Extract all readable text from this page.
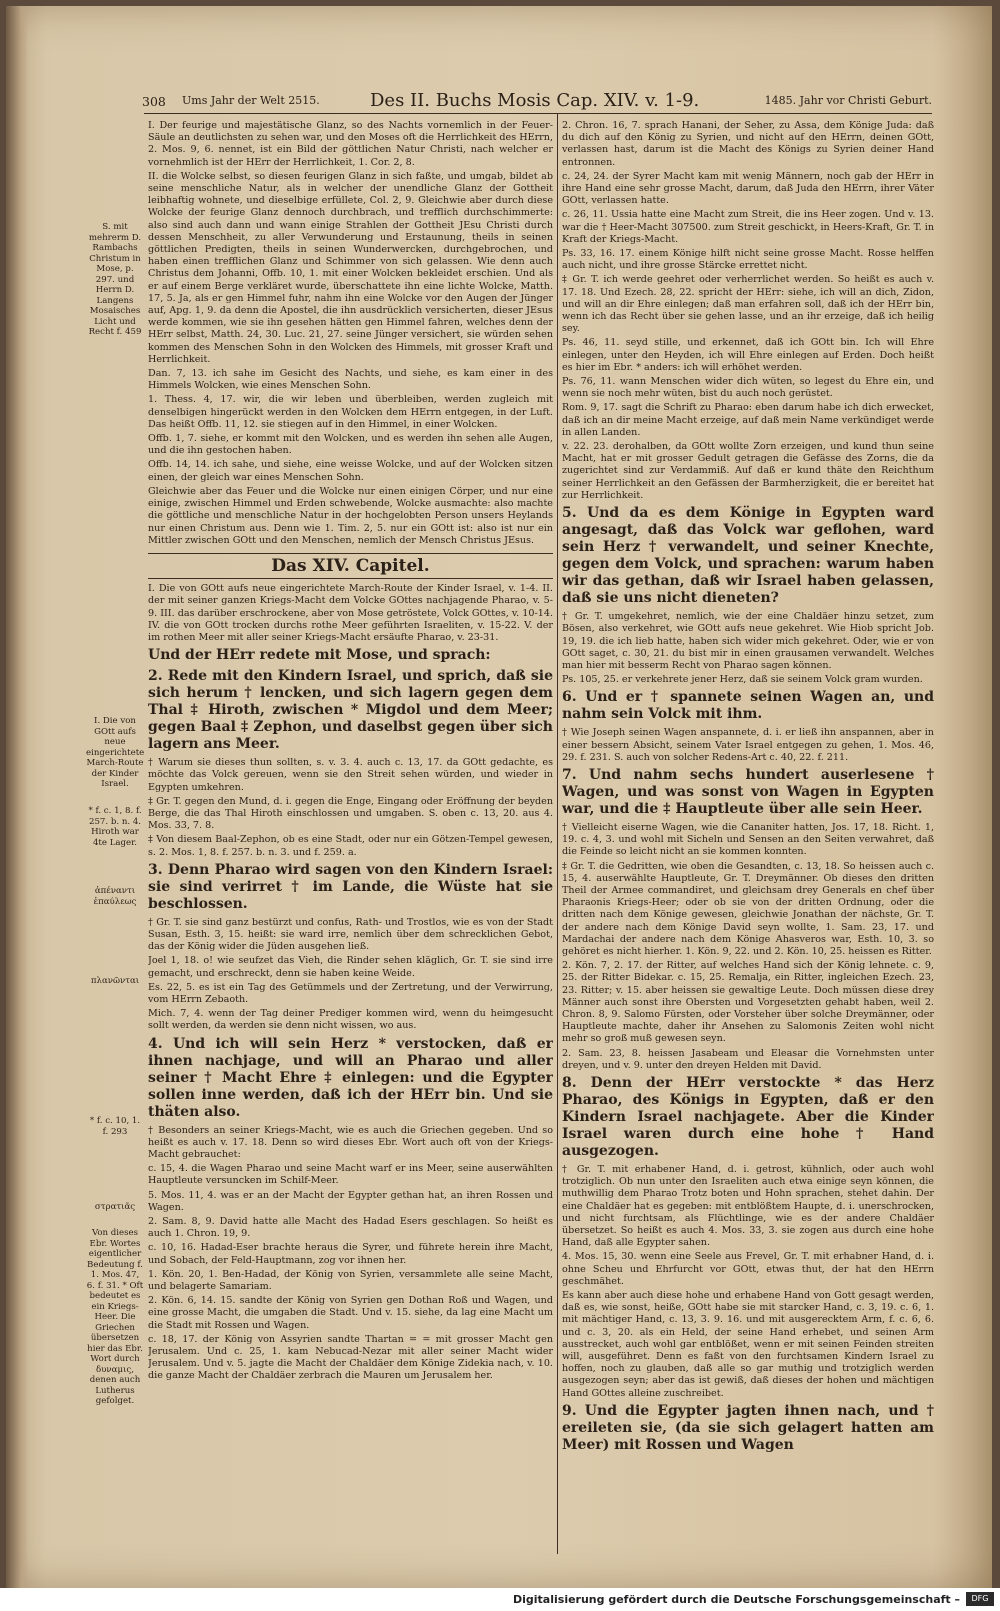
308 Ums Jahr der Welt 2515.	Des II. Buchs Mosis Cap. XIV. v. 1-9.	1485. Jahr vor Christi Geburt.
S. mit mehrerm D. Rambachs Christum in Mose, p. 297. und Herrn D. Langens Mosaisches Licht und Recht f. 459
I. Die von GOtt aufs neue eingerichtete March-Route der Kinder Israel.
* f. c. 1, 8. f. 257. b. n. 4. Hiroth war 4te Lager.
ἀπέναντι ἐπαύλεως
πλανῶνται
* f. c. 10, 1. f. 293
στρατιᾶς
Von dieses Ebr. Wortes eigentlicher Bedeutung f. 1. Mos. 47, 6. f. 31. * Oft bedeutet es ein Kriegs-Heer. Die Griechen übersetzen hier das Ebr. Wort durch δυναμις, denen auch Lutherus gefolget.

I. Der feurige und majestätische Glanz, so des Nachts vornemlich in der Feuer-Säule an deutlichsten zu sehen war, und den Moses oft die Herrlichkeit des HErrn, 2. Mos. 9, 6. nennet, ist ein Bild der göttlichen Natur Christi, nach welcher er vornehmlich ist der HErr der Herrlichkeit, 1. Cor. 2, 8.

II. die Wolcke selbst, so diesen feurigen Glanz in sich faßte, und umgab, bildet ab seine menschliche Natur, als in welcher der unendliche Glanz der Gottheit leibhaftig wohnete, und dieselbige erfüllete, Col. 2, 9. Gleichwie aber durch diese Wolcke der feurige Glanz dennoch durchbrach, und trefflich durchschimmerte: also sind auch dann und wann einige Strahlen der Gottheit JEsu Christi durch dessen Menschheit, zu aller Verwunderung und Erstaunung, theils in seinen göttlichen Predigten, theils in seinen Wunderwercken, durchgebrochen, und haben einen trefflichen Glanz und Schimmer von sich gelassen. Wie denn auch Christus dem Johanni, Offb. 10, 1. mit einer Wolcken bekleidet erschien. Und als er auf einem Berge verkläret wurde, überschattete ihn eine lichte Wolcke, Matth. 17, 5. Ja, als er gen Himmel fuhr, nahm ihn eine Wolcke vor den Augen der Jünger auf, Apg. 1, 9. da denn die Apostel, die ihn ausdrücklich versicherten, dieser JEsus werde kommen, wie sie ihn gesehen hätten gen Himmel fahren, welches denn der HErr selbst, Matth. 24, 30. Luc. 21, 27. seine Jünger versichert, sie würden sehen kommen des Menschen Sohn in den Wolcken des Himmels, mit grosser Kraft und Herrlichkeit.

Dan. 7, 13. ich sahe im Gesicht des Nachts, und siehe, es kam einer in des Himmels Wolcken, wie eines Menschen Sohn.

1. Thess. 4, 17. wir, die wir leben und überbleiben, werden zugleich mit denselbigen hingerückt werden in den Wolcken dem HErrn entgegen, in der Luft. Das heißt Offb. 11, 12. sie stiegen auf in den Himmel, in einer Wolcken.

Offb. 1, 7. siehe, er kommt mit den Wolcken, und es werden ihn sehen alle Augen, und die ihn gestochen haben.

Offb. 14, 14. ich sahe, und siehe, eine weisse Wolcke, und auf der Wolcken sitzen einen, der gleich war eines Menschen Sohn.

Gleichwie aber das Feuer und die Wolcke nur einen einigen Cörper, und nur eine einige, zwischen Himmel und Erden schwebende, Wolcke ausmachte: also machte die göttliche und menschliche Natur in der hochgelobten Person unsers Heylands nur einen Christum aus. Denn wie 1. Tim. 2, 5. nur ein GOtt ist: also ist nur ein Mittler zwischen GOtt und den Menschen, nemlich der Mensch Christus JEsus.

Das XIV. Capitel.

I. Die von GOtt aufs neue eingerichtete March-Route der Kinder Israel, v. 1-4. II. der mit seiner ganzen Kriegs-Macht dem Volcke GOttes nachjagende Pharao, v. 5-9. III. das darüber erschrockene, aber von Mose getröstete, Volck GOttes, v. 10-14. IV. die von GOtt trocken durchs rothe Meer geführten Israeliten, v. 15-22. V. der im rothen Meer mit aller seiner Kriegs-Macht ersäufte Pharao, v. 23-31.

Und der HErr redete mit Mose, und sprach:

2. Rede mit den Kindern Israel, und sprich, daß sie sich herum † lencken, und sich lagern gegen dem Thal ‡ Hiroth, zwischen * Migdol und dem Meer; gegen Baal ‡ Zephon, und daselbst gegen über sich lagern ans Meer.

† Warum sie dieses thun sollten, s. v. 3. 4. auch c. 13, 17. da GOtt gedachte, es möchte das Volck gereuen, wenn sie den Streit sehen würden, und wieder in Egypten umkehren.

‡ Gr. T. gegen den Mund, d. i. gegen die Enge, Eingang oder Eröffnung der beyden Berge, die das Thal Hiroth einschlossen und umgaben. S. oben c. 13, 20. aus 4. Mos. 33, 7. 8.

‡ Von diesem Baal-Zephon, ob es eine Stadt, oder nur ein Götzen-Tempel gewesen, s. 2. Mos. 1, 8. f. 257. b. n. 3. und f. 259. a.

3. Denn Pharao wird sagen von den Kindern Israel: sie sind verirret † im Lande, die Wüste hat sie beschlossen.

† Gr. T. sie sind ganz bestürzt und confus, Rath- und Trostlos, wie es von der Stadt Susan, Esth. 3, 15. heißt: sie ward irre, nemlich über dem schrecklichen Gebot, das der König wider die Jüden ausgehen ließ.

Joel 1, 18. o! wie seufzet das Vieh, die Rinder sehen kläglich, Gr. T. sie sind irre gemacht, und erschreckt, denn sie haben keine Weide.

Es. 22, 5. es ist ein Tag des Getümmels und der Zertretung, und der Verwirrung, vom HErrn Zebaoth.

Mich. 7, 4. wenn der Tag deiner Prediger kommen wird, wenn du heimgesucht sollt werden, da werden sie denn nicht wissen, wo aus.

4. Und ich will sein Herz * verstocken, daß er ihnen nachjage, und will an Pharao und aller seiner † Macht Ehre ‡ einlegen: und die Egypter sollen inne werden, daß ich der HErr bin. Und sie thäten also.

† Besonders an seiner Kriegs-Macht, wie es auch die Griechen gegeben. Und so heißt es auch v. 17. 18. Denn so wird dieses Ebr. Wort auch oft von der Kriegs-Macht gebrauchet:

c. 15, 4. die Wagen Pharao und seine Macht warf er ins Meer, seine auserwählten Hauptleute versuncken im Schilf-Meer.

5. Mos. 11, 4. was er an der Macht der Egypter gethan hat, an ihren Rossen und Wagen.

2. Sam. 8, 9. David hatte alle Macht des Hadad Esers geschlagen. So heißt es auch 1. Chron. 19, 9.

c. 10, 16. Hadad-Eser brachte heraus die Syrer, und führete herein ihre Macht, und Sobach, der Feld-Hauptmann, zog vor ihnen her.

1. Kön. 20, 1. Ben-Hadad, der König von Syrien, versammlete alle seine Macht, und belagerte Samariam.

2. Kön. 6, 14. 15. sandte der König von Syrien gen Dothan Roß und Wagen, und eine grosse Macht, die umgaben die Stadt. Und v. 15. siehe, da lag eine Macht um die Stadt mit Rossen und Wagen.

c. 18, 17. der König von Assyrien sandte Thartan = = mit grosser Macht gen Jerusalem. Und c. 25, 1. kam Nebucad-Nezar mit aller seiner Macht wider Jerusalem. Und v. 5. jagte die Macht der Chaldäer dem Könige Zidekia nach, v. 10. die ganze Macht der Chaldäer zerbrach die Mauren um Jerusalem her.

2. Chron. 16, 7. sprach Hanani, der Seher, zu Assa, dem Könige Juda: daß du dich auf den König zu Syrien, und nicht auf den HErrn, deinen GOtt, verlassen hast, darum ist die Macht des Königs zu Syrien deiner Hand entronnen.

c. 24, 24. der Syrer Macht kam mit wenig Männern, noch gab der HErr in ihre Hand eine sehr grosse Macht, darum, daß Juda den HErrn, ihrer Väter GOtt, verlassen hatte.

c. 26, 11. Ussia hatte eine Macht zum Streit, die ins Heer zogen. Und v. 13. war die † Heer-Macht 307500. zum Streit geschickt, in Heers-Kraft, Gr. T. in Kraft der Kriegs-Macht.

Ps. 33, 16. 17. einem Könige hilft nicht seine grosse Macht. Rosse helffen auch nicht, und ihre grosse Stärcke errettet nicht.

‡ Gr. T. ich werde geehret oder verherrlichet werden. So heißt es auch v. 17. 18. Und Ezech. 28, 22. spricht der HErr: siehe, ich will an dich, Zidon, und will an dir Ehre einlegen; daß man erfahren soll, daß ich der HErr bin, wenn ich das Recht über sie gehen lasse, und an ihr erzeige, daß ich heilig sey.

Ps. 46, 11. seyd stille, und erkennet, daß ich GOtt bin. Ich will Ehre einlegen, unter den Heyden, ich will Ehre einlegen auf Erden. Doch heißt es hier im Ebr. * anders: ich will erhöhet werden.

Ps. 76, 11. wann Menschen wider dich wüten, so legest du Ehre ein, und wenn sie noch mehr wüten, bist du auch noch gerüstet.

Rom. 9, 17. sagt die Schrift zu Pharao: eben darum habe ich dich erwecket, daß ich an dir meine Macht erzeige, auf daß mein Name verkündiget werde in allen Landen.

v. 22. 23. derohalben, da GOtt wollte Zorn erzeigen, und kund thun seine Macht, hat er mit grosser Gedult getragen die Gefässe des Zorns, die da zugerichtet sind zur Verdammiß. Auf daß er kund thäte den Reichthum seiner Herrlichkeit an den Gefässen der Barmherzigkeit, die er bereitet hat zur Herrlichkeit.

5. Und da es dem Könige in Egypten ward angesagt, daß das Volck war geflohen, ward sein Herz † verwandelt, und seiner Knechte, gegen dem Volck, und sprachen: warum haben wir das gethan, daß wir Israel haben gelassen, daß sie uns nicht dieneten?

† Gr. T. umgekehret, nemlich, wie der eine Chaldäer hinzu setzet, zum Bösen, also verkehret, wie GOtt aufs neue gekehret. Wie Hiob spricht Job. 19, 19. die ich lieb hatte, haben sich wider mich gekehret. Oder, wie er von GOtt saget, c. 30, 21. du bist mir in einen grausamen verwandelt. Welches man hier mit besserm Recht von Pharao sagen können.

Ps. 105, 25. er verkehrete jener Herz, daß sie seinem Volck gram wurden.

6. Und er † spannete seinen Wagen an, und nahm sein Volck mit ihm.

† Wie Joseph seinen Wagen anspannete, d. i. er ließ ihn anspannen, aber in einer bessern Absicht, seinem Vater Israel entgegen zu gehen, 1. Mos. 46, 29. f. 231. S. auch von solcher Redens-Art c. 40, 22. f. 211.

7. Und nahm sechs hundert auserlesene † Wagen, und was sonst von Wagen in Egypten war, und die ‡ Hauptleute über alle sein Heer.

† Vielleicht eiserne Wagen, wie die Cananiter hatten, Jos. 17, 18. Richt. 1, 19. c. 4, 3. und wohl mit Sicheln und Sensen an den Seiten verwahret, daß die Feinde so leicht nicht an sie kommen konnten.

‡ Gr. T. die Gedritten, wie oben die Gesandten, c. 13, 18. So heissen auch c. 15, 4. auserwählte Hauptleute, Gr. T. Dreymänner. Ob dieses den dritten Theil der Armee commandiret, und gleichsam drey Generals en chef über Pharaonis Kriegs-Heer; oder ob sie von der dritten Ordnung, oder die dritten nach dem Könige gewesen, gleichwie Jonathan der nächste, Gr. T. der andere nach dem Könige David seyn wollte, 1. Sam. 23, 17. und Mardachai der andere nach dem Könige Ahasveros war, Esth. 10, 3. so gehöret es nicht hierher. 1. Kön. 9, 22. und 2. Kön. 10, 25. heissen es Ritter.

2. Kön. 7, 2. 17. der Ritter, auf welches Hand sich der König lehnete. c. 9, 25. der Ritter Bidekar. c. 15, 25. Remalja, ein Ritter, ingleichen Ezech. 23, 23. Ritter; v. 15. aber heissen sie gewaltige Leute. Doch müssen diese drey Männer auch sonst ihre Obersten und Vorgesetzten gehabt haben, weil 2. Chron. 8, 9. Salomo Fürsten, oder Vorsteher über solche Dreymänner, oder Hauptleute machte, daher ihr Ansehen zu Salomonis Zeiten wohl nicht mehr so groß muß gewesen seyn.

2. Sam. 23, 8. heissen Jasabeam und Eleasar die Vornehmsten unter dreyen, und v. 9. unter den dreyen Helden mit David.

8. Denn der HErr verstockte * das Herz Pharao, des Königs in Egypten, daß er den Kindern Israel nachjagete. Aber die Kinder Israel waren durch eine hohe † Hand ausgezogen.

† Gr. T. mit erhabener Hand, d. i. getrost, kühnlich, oder auch wohl trotziglich. Ob nun unter den Israeliten auch etwa einige seyn können, die muthwillig dem Pharao Trotz boten und Hohn sprachen, stehet dahin. Der eine Chaldäer hat es gegeben: mit entblößtem Haupte, d. i. unerschrocken, und nicht furchtsam, als Flüchtlinge, wie es der andere Chaldäer übersetzet. So heißt es auch 4. Mos. 33, 3. sie zogen aus durch eine hohe Hand, daß alle Egypter sahen.

4. Mos. 15, 30. wenn eine Seele aus Frevel, Gr. T. mit erhabner Hand, d. i. ohne Scheu und Ehrfurcht vor GOtt, etwas thut, der hat den HErrn geschmähet.

Es kann aber auch diese hohe und erhabene Hand von Gott gesagt werden, daß es, wie sonst, heiße, GOtt habe sie mit starcker Hand, c. 3, 19. c. 6, 1. mit mächtiger Hand, c. 13, 3. 9. 16. und mit ausgerecktem Arm, f. c. 6, 6. und c. 3, 20. als ein Held, der seine Hand erhebet, und seinen Arm ausstrecket, auch wohl gar entblößet, wenn er mit seinen Feinden streiten will, ausgeführet. Denn es faßt von den furchtsamen Kindern Israel zu hoffen, noch zu glauben, daß alle so gar muthig und trotziglich werden ausgezogen seyn; aber das ist gewiß, daß dieses der hohen und mächtigen Hand GOttes alleine zuschreibet.

9. Und die Egypter jagten ihnen nach, und † ereileten sie, (da sie sich gelagert hatten am Meer) mit Rossen und Wagen

Digitalisierung gefördert durch die Deutsche Forschungsgemeinschaft –	DFG
